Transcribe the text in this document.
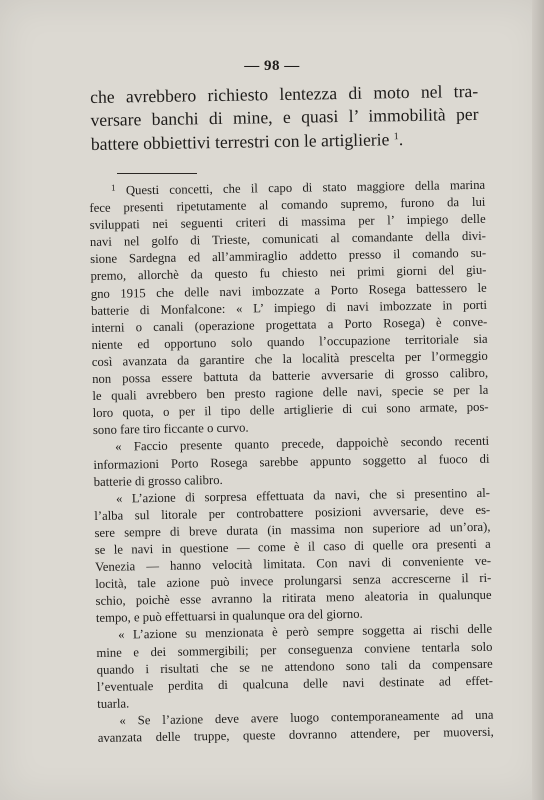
— 98 —
che avrebbero richiesto lentezza di moto nel tra-
versare banchi di mine, e quasi l’ immobilità per
battere obbiettivi terrestri con le artiglierie $^1$.
$^1$ Questi concetti, che il capo di stato maggiore della marina
fece presenti ripetutamente al comando supremo, furono da lui
sviluppati nei seguenti criteri di massima per l’ impiego delle
navi nel golfo di Trieste, comunicati al comandante della divi-
sione Sardegna ed all’ammiraglio addetto presso il comando su-
premo, allorchè da questo fu chiesto nei primi giorni del giu-
gno 1915 che delle navi imbozzate a Porto Rosega battessero le
batterie di Monfalcone: « L’ impiego di navi imbozzate in porti
interni o canali (operazione progettata a Porto Rosega) è conve-
niente ed opportuno solo quando l’occupazione territoriale sia
così avanzata da garantire che la località prescelta per l’ormeggio
non possa essere battuta da batterie avversarie di grosso calibro,
le quali avrebbero ben presto ragione delle navi, specie se per la
loro quota, o per il tipo delle artiglierie di cui sono armate, pos-
sono fare tiro ficcante o curvo.
« Faccio presente quanto precede, dappoichè secondo recenti
informazioni Porto Rosega sarebbe appunto soggetto al fuoco di
batterie di grosso calibro.
« L’azione di sorpresa effettuata da navi, che si presentino al-
l’alba sul litorale per controbattere posizioni avversarie, deve es-
sere sempre di breve durata (in massima non superiore ad un’ora),
se le navi in questione — come è il caso di quelle ora presenti a
Venezia — hanno velocità limitata. Con navi di conveniente ve-
locità, tale azione può invece prolungarsi senza accrescerne il ri-
schio, poichè esse avranno la ritirata meno aleatoria in qualunque
tempo, e può effettuarsi in qualunque ora del giorno.
« L’azione su menzionata è però sempre soggetta ai rischi delle
mine e dei sommergibili; per conseguenza conviene tentarla solo
quando i risultati che se ne attendono sono tali da compensare
l’eventuale perdita di qualcuna delle navi destinate ad effet-
tuarla.
« Se l’azione deve avere luogo contemporaneamente ad una
avanzata delle truppe, queste dovranno attendere, per muoversi,
